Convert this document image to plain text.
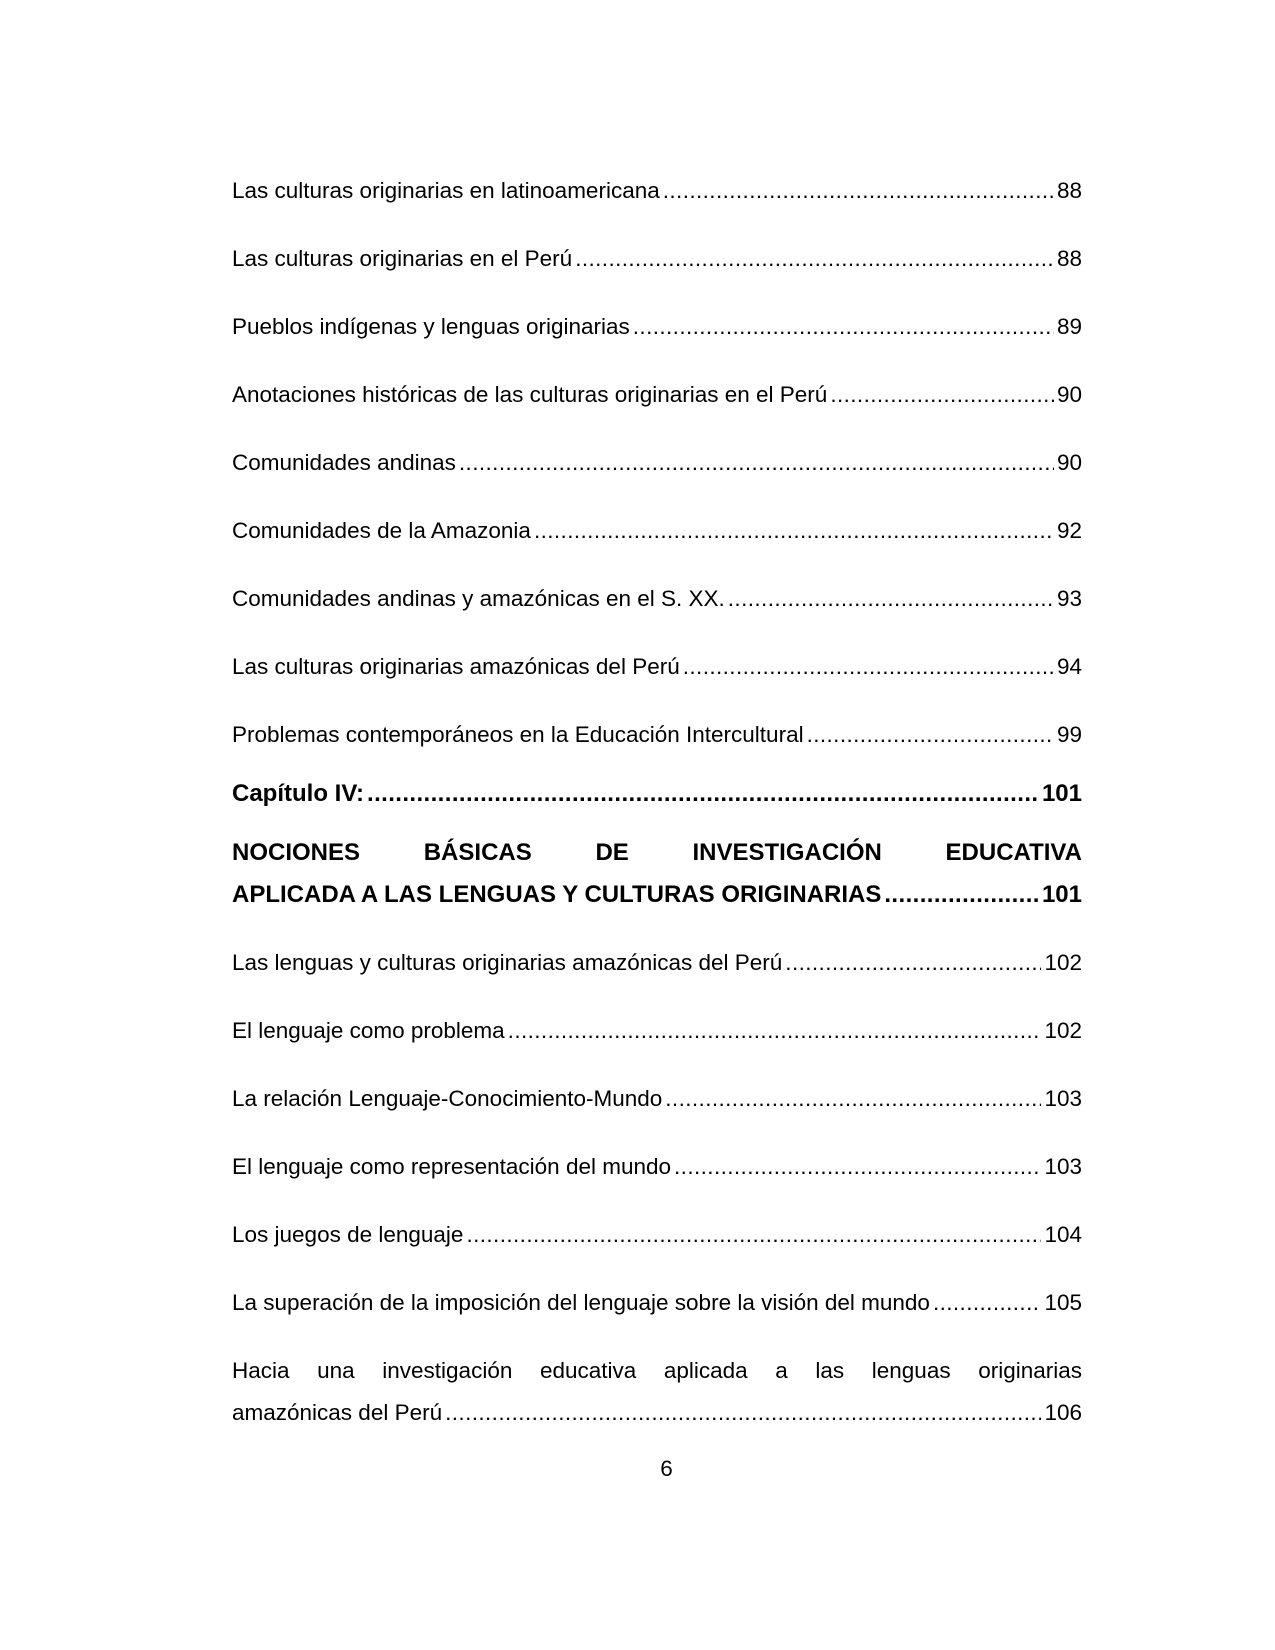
Las culturas originarias en latinoamericana .....	88
Las culturas originarias en el Perú .....	88
Pueblos indígenas y lenguas originarias .....	89
Anotaciones históricas de las culturas originarias en el Perú .....	90
Comunidades andinas .....	90
Comunidades de la Amazonia .....	92
Comunidades andinas y amazónicas en el S. XX. .....	93
Las culturas originarias amazónicas del Perú .....	94
Problemas contemporáneos en la Educación Intercultural .....	99
Capítulo IV: .....	101
NOCIONES BÁSICAS DE INVESTIGACIÓN EDUCATIVA
APLICADA A LAS LENGUAS Y CULTURAS ORIGINARIAS .....	101
Las lenguas y culturas originarias amazónicas del Perú .....	102
El lenguaje como problema .....	102
La relación Lenguaje-Conocimiento-Mundo .....	103
El lenguaje como representación del mundo .....	103
Los juegos de lenguaje .....	104
La superación de la imposición del lenguaje sobre la visión del mundo .....	105
Hacia una investigación educativa aplicada a las lenguas originarias
amazónicas del Perú .....	106
6
